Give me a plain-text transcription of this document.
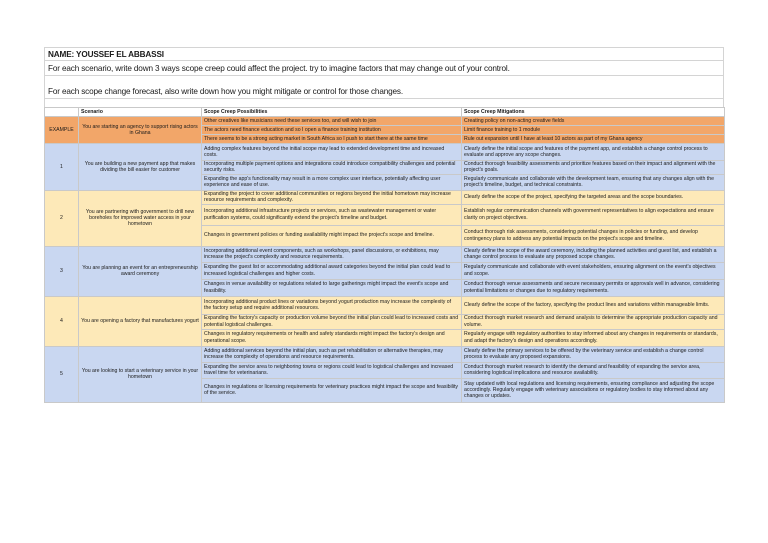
NAME: YOUSSEF EL ABBASSI
For each scenario, write down 3 ways scope creep could affect the project. try to imagine factors that may change out of your control.
For each scope change forecast, also write down how you might mitigate or control for those changes.
	Scenario	Scope Creep Possibilities	Scope Creep Mitigations
EXAMPLE	You are starting an agency to support rising actors in Ghana	Other creatives like musicians need these services too, and will wish to join	Creating policy on non-acting creative fields
		The actors need finance education and so I open a finance training institution	Limit finance training to 1 module
		There seems to be a strong acting market in South Africa so I push to start there at the same time	Rule out expansion until I have at least 10 actors as part of my Ghana agency
1	You are building a new payment app that makes dividing the bill easier for customer	Adding complex features beyond the initial scope may lead to extended development time and increased costs.	Clearly define the initial scope and features of the payment app, and establish a change control process to evaluate and approve any scope changes.
		Incorporating multiple payment options and integrations could introduce compatibility challenges and potential security risks.	Conduct thorough feasibility assessments and prioritize features based on their impact and alignment with the project's goals.
		Expanding the app's functionality may result in a more complex user interface, potentially affecting user experience and ease of use.	Regularly communicate and collaborate with the development team, ensuring that any changes align with the project's timeline, budget, and technical constraints.
2	You are partnering with government to drill new boreholes for improved water access in your hometown	Expanding the project to cover additional communities or regions beyond the initial hometown may increase resource requirements and complexity.	Clearly define the scope of the project, specifying the targeted areas and the scope boundaries.
		Incorporating additional infrastructure projects or services, such as wastewater management or water purification systems, could significantly extend the project's timeline and budget.	Establish regular communication channels with government representatives to align expectations and ensure clarity on project objectives.
		Changes in government policies or funding availability might impact the project's scope and timeline.	Conduct thorough risk assessments, considering potential changes in policies or funding, and develop contingency plans to address any potential impacts on the project's scope and timeline.
3	You are planning an event for an entrepreneurship award ceremony	Incorporating additional event components, such as workshops, panel discussions, or exhibitions, may increase the project's complexity and resource requirements.	Clearly define the scope of the award ceremony, including the planned activities and guest list, and establish a change control process to evaluate any proposed scope changes.
		Expanding the guest list or accommodating additional award categories beyond the initial plan could lead to increased logistical challenges and higher costs.	Regularly communicate and collaborate with event stakeholders, ensuring alignment on the event's objectives and scope.
		Changes in venue availability or regulations related to large gatherings might impact the event's scope and feasibility.	Conduct thorough venue assessments and secure necessary permits or approvals well in advance, considering potential limitations or changes due to regulatory requirements.
4	You are opening a factory that manufactures yogurt	Incorporating additional product lines or variations beyond yogurt production may increase the complexity of the factory setup and require additional resources.	Clearly define the scope of the factory, specifying the product lines and variations within manageable limits.
		Expanding the factory's capacity or production volume beyond the initial plan could lead to increased costs and potential logistical challenges.	Conduct thorough market research and demand analysis to determine the appropriate production capacity and volume.
		Changes in regulatory requirements or health and safety standards might impact the factory's design and operational scope.	Regularly engage with regulatory authorities to stay informed about any changes in requirements or standards, and adapt the factory's design and operations accordingly.
5	You are looking to start a veterinary service in your hometown	Adding additional services beyond the initial plan, such as pet rehabilitation or alternative therapies, may increase the complexity of operations and resource requirements.	Clearly define the primary services to be offered by the veterinary service and establish a change control process to evaluate any proposed expansions.
		Expanding the service area to neighboring towns or regions could lead to logistical challenges and increased travel time for veterinarians.	Conduct thorough market research to identify the demand and feasibility of expanding the service area, considering logistical implications and resource availability.
		Changes in regulations or licensing requirements for veterinary practices might impact the scope and feasibility of the service.	Stay updated with local regulations and licensing requirements, ensuring compliance and adjusting the scope accordingly. Regularly engage with veterinary associations or regulatory bodies to stay informed about any changes or updates.
